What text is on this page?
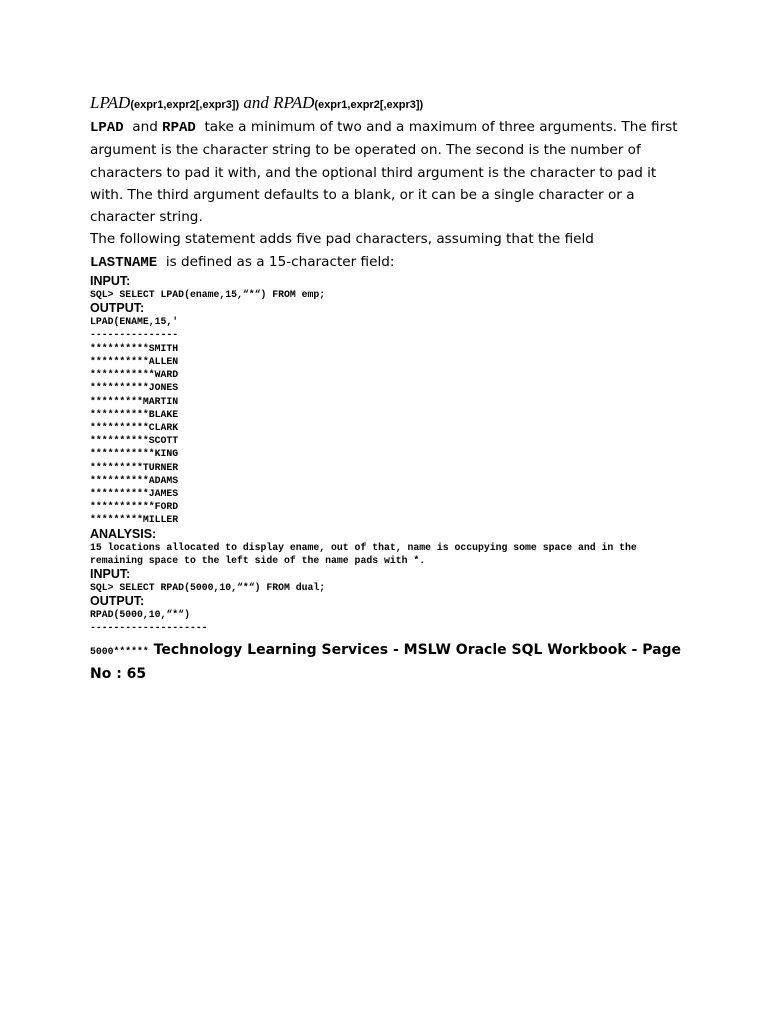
LPAD(expr1,expr2[,expr3]) and RPAD(expr1,expr2[,expr3])

LPAD and RPAD take a minimum of two and a maximum of three arguments. The first argument is the character string to be operated on. The second is the number of characters to pad it with, and the optional third argument is the character to pad it with. The third argument defaults to a blank, or it can be a single character or a character string.

The following statement adds five pad characters, assuming that the field
LASTNAME is defined as a 15-character field:

INPUT:
SQL> SELECT LPAD(ename,15,“*“) FROM emp;
OUTPUT:
LPAD(ENAME,15,'
---------------
**********SMITH
**********ALLEN
***********WARD
**********JONES
*********MARTIN
**********BLAKE
**********CLARK
**********SCOTT
***********KING
*********TURNER
**********ADAMS
**********JAMES
***********FORD
*********MILLER
ANALYSIS:
15 locations allocated to display ename, out of that, name is occupying some space and in the remaining space to the left side of the name pads with *.
INPUT:
SQL> SELECT RPAD(5000,10,“*“) FROM dual;
OUTPUT:
RPAD(5000,10,“*“)
--------------------
5000****** Technology Learning Services - MSLW Oracle SQL Workbook - Page No : 65
